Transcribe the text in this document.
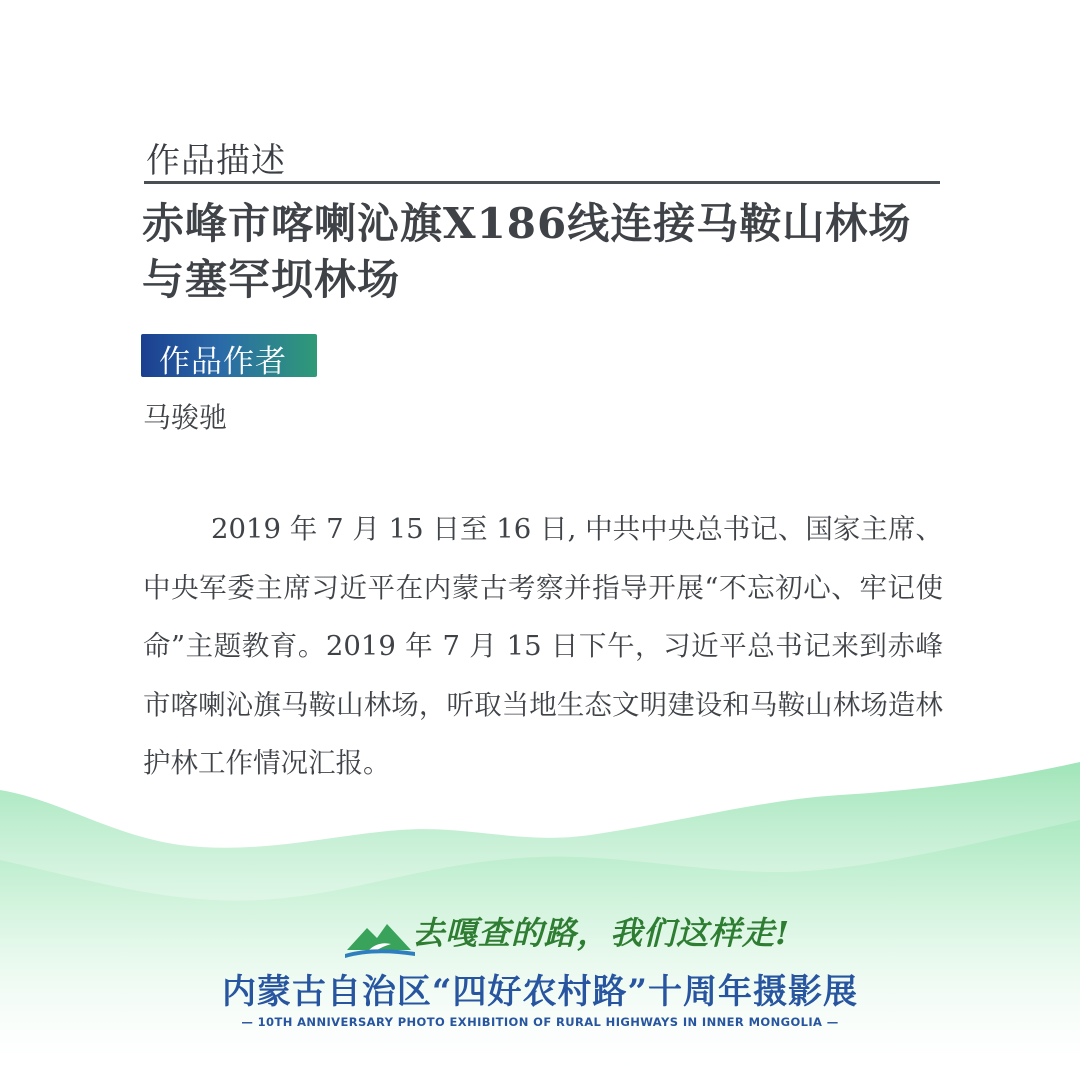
作品描述
赤峰市喀喇沁旗X186线连接马鞍山林场
与塞罕坝林场
作品作者
马骏驰

2019 年 7 月 15 日至 16 日, 中共中央总书记、国家主席、中央军委主席习近平在内蒙古考察并指导开展“不忘初心、牢记使命”主题教育。2019 年 7 月 15 日下午，习近平总书记来到赤峰市喀喇沁旗马鞍山林场，听取当地生态文明建设和马鞍山林场造林护林工作情况汇报。

去嘎查的路，我们这样走!
内蒙古自治区“四好农村路”十周年摄影展
— 10TH ANNIVERSARY PHOTO EXHIBITION OF RURAL HIGHWAYS IN INNER MONGOLIA —
